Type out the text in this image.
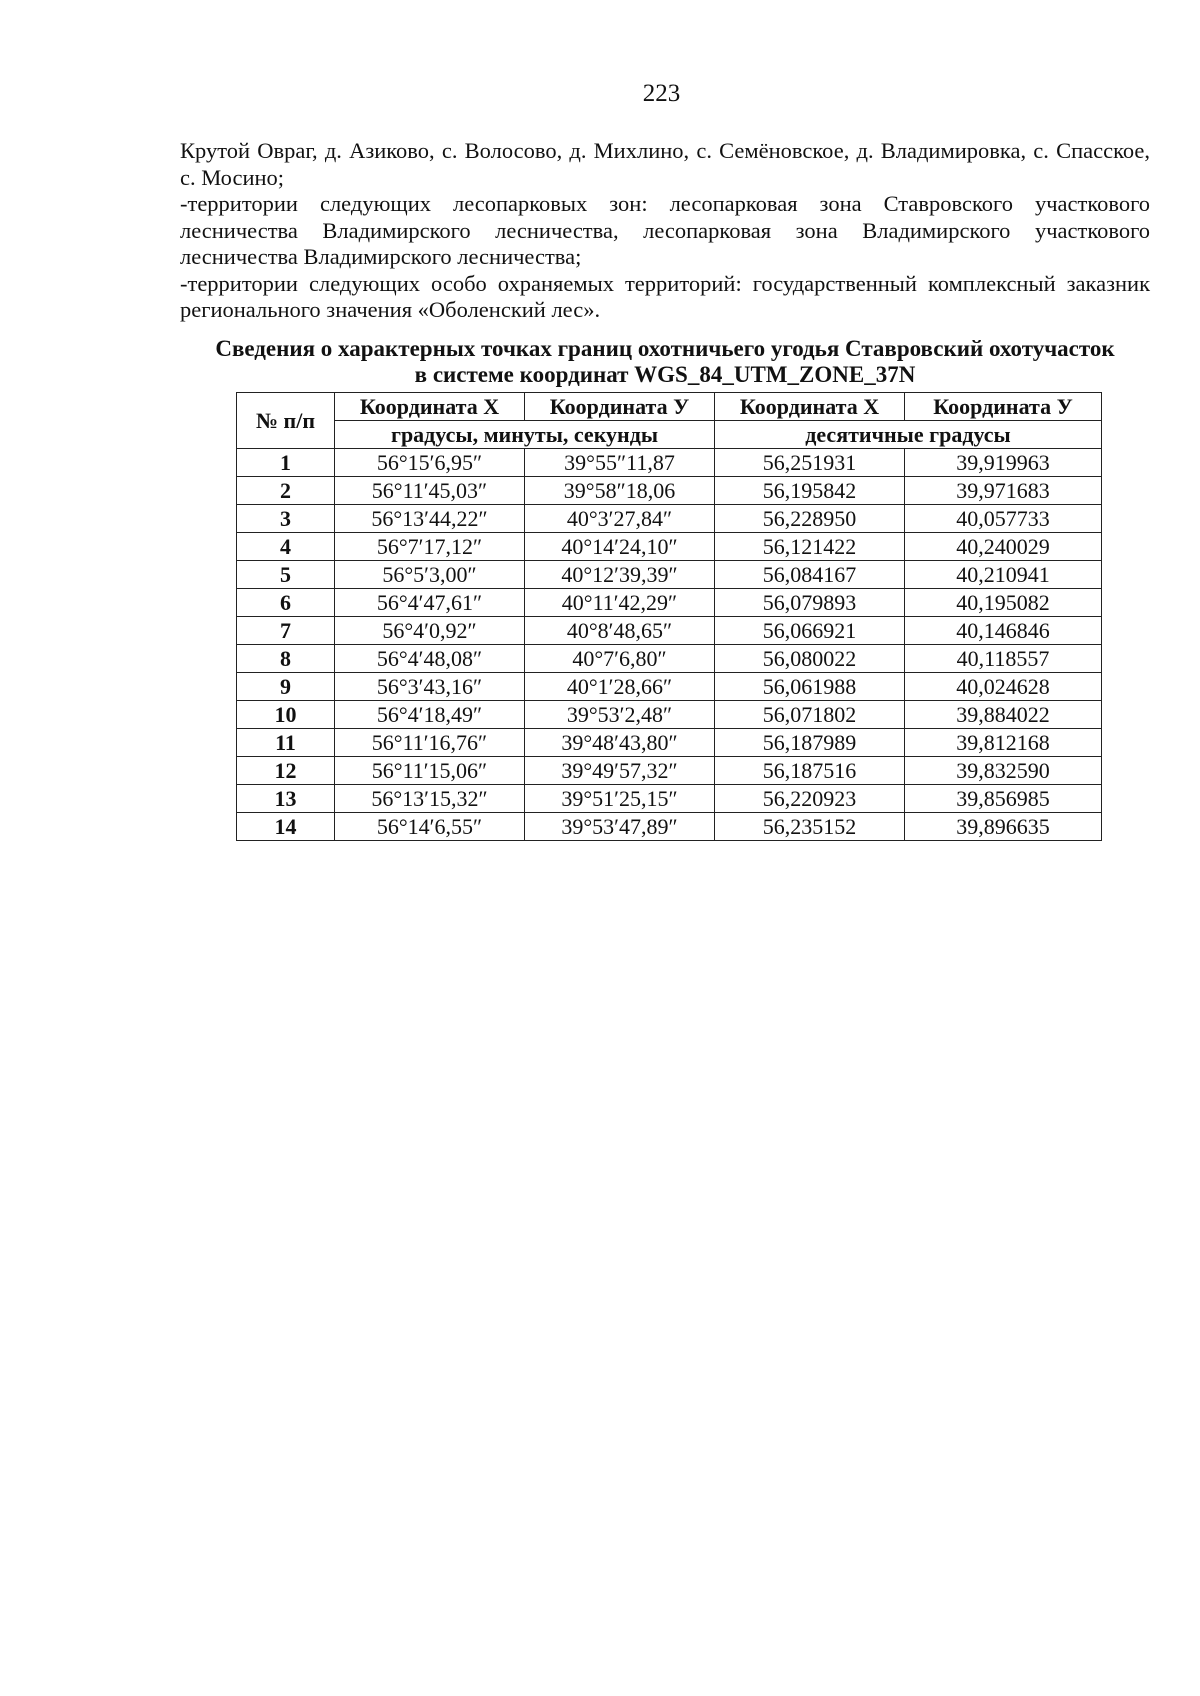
223

Крутой Овраг, д. Азиково, с. Волосово, д. Михлино, с. Семёновское, д. Владимировка, с. Спасское, с. Мосино;

-территории следующих лесопарковых зон: лесопарковая зона Ставровского участкового лесничества Владимирского лесничества, лесопарковая зона Владимирского участкового лесничества Владимирского лесничества;

-территории следующих особо охраняемых территорий: государственный комплексный заказник регионального значения «Оболенский лес».

Сведения о характерных точках границ охотничьего угодья Ставровский охотучасток
в системе координат WGS_84_UTM_ZONE_37N
№ п/п	Координата X	Координата У	Координата X	Координата У
	градусы, минуты, секунды		десятичные градусы	
1	56°15′6,95″	39°55″11,87	56,251931	39,919963
2	56°11′45,03″	39°58″18,06	56,195842	39,971683
3	56°13′44,22″	40°3′27,84″	56,228950	40,057733
4	56°7′17,12″	40°14′24,10″	56,121422	40,240029
5	56°5′3,00″	40°12′39,39″	56,084167	40,210941
6	56°4′47,61″	40°11′42,29″	56,079893	40,195082
7	56°4′0,92″	40°8′48,65″	56,066921	40,146846
8	56°4′48,08″	40°7′6,80″	56,080022	40,118557
9	56°3′43,16″	40°1′28,66″	56,061988	40,024628
10	56°4′18,49″	39°53′2,48″	56,071802	39,884022
11	56°11′16,76″	39°48′43,80″	56,187989	39,812168
12	56°11′15,06″	39°49′57,32″	56,187516	39,832590
13	56°13′15,32″	39°51′25,15″	56,220923	39,856985
14	56°14′6,55″	39°53′47,89″	56,235152	39,896635
